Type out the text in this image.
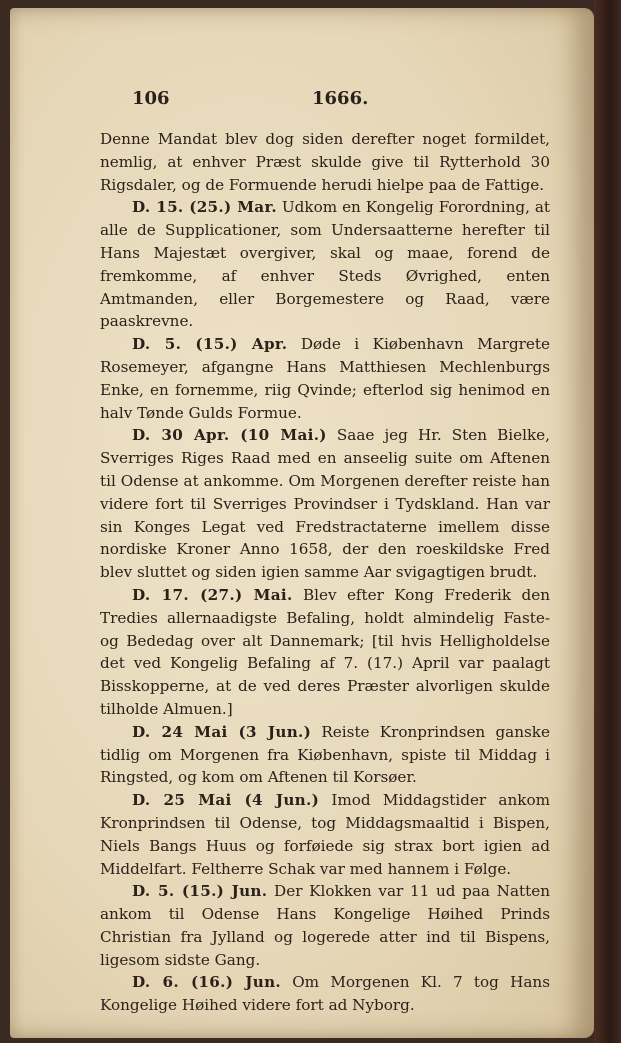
106	1666.

Denne Mandat blev dog siden derefter noget formildet, nemlig, at enhver Præst skulde give til Rytterhold 30 Rigsdaler, og de Formuende herudi hielpe paa de Fattige.

D. 15. (25.) Mar. Udkom en Kongelig Forordning, at alle de Supplicationer, som Undersaatterne herefter til Hans Majestæt overgiver, skal og maae, forend de fremkomme, af enhver Steds Øvrighed, enten Amtmanden, eller Borgemestere og Raad, være paaskrevne.

D. 5. (15.) Apr. Døde i Kiøbenhavn Margrete Rosemeyer, afgangne Hans Matthiesen Mechlenburgs Enke, en fornemme, riig Qvinde; efterlod sig henimod en halv Tønde Gulds Formue.

D. 30 Apr. (10 Mai.) Saae jeg Hr. Sten Bielke, Sverriges Riges Raad med en anseelig suite om Aftenen til Odense at ankomme. Om Morgenen derefter reiste han videre fort til Sverriges Provindser i Tydskland. Han var sin Konges Legat ved Fredstractaterne imellem disse nordiske Kroner Anno 1658, der den roeskildske Fred blev sluttet og siden igien samme Aar svigagtigen brudt.

D. 17. (27.) Mai. Blev efter Kong Frederik den Tredies allernaadigste Befaling, holdt almindelig Faste- og Bededag over alt Dannemark; [til hvis Helligholdelse det ved Kongelig Befaling af 7. (17.) April var paalagt Bisskopperne, at de ved deres Præster alvorligen skulde tilholde Almuen.]

D. 24 Mai (3 Jun.) Reiste Kronprindsen ganske tidlig om Morgenen fra Kiøbenhavn, spiste til Middag i Ringsted, og kom om Aftenen til Korsøer.

D. 25 Mai (4 Jun.) Imod Middagstider ankom Kronprindsen til Odense, tog Middagsmaaltid i Bispen, Niels Bangs Huus og forføiede sig strax bort igien ad Middelfart. Feltherre Schak var med hannem i Følge.

D. 5. (15.) Jun. Der Klokken var 11 ud paa Natten ankom til Odense Hans Kongelige Høihed Prinds Christian fra Jylland og logerede atter ind til Bispens, ligesom sidste Gang.

D. 6. (16.) Jun. Om Morgenen Kl. 7 tog Hans Kongelige Høihed videre fort ad Nyborg.
